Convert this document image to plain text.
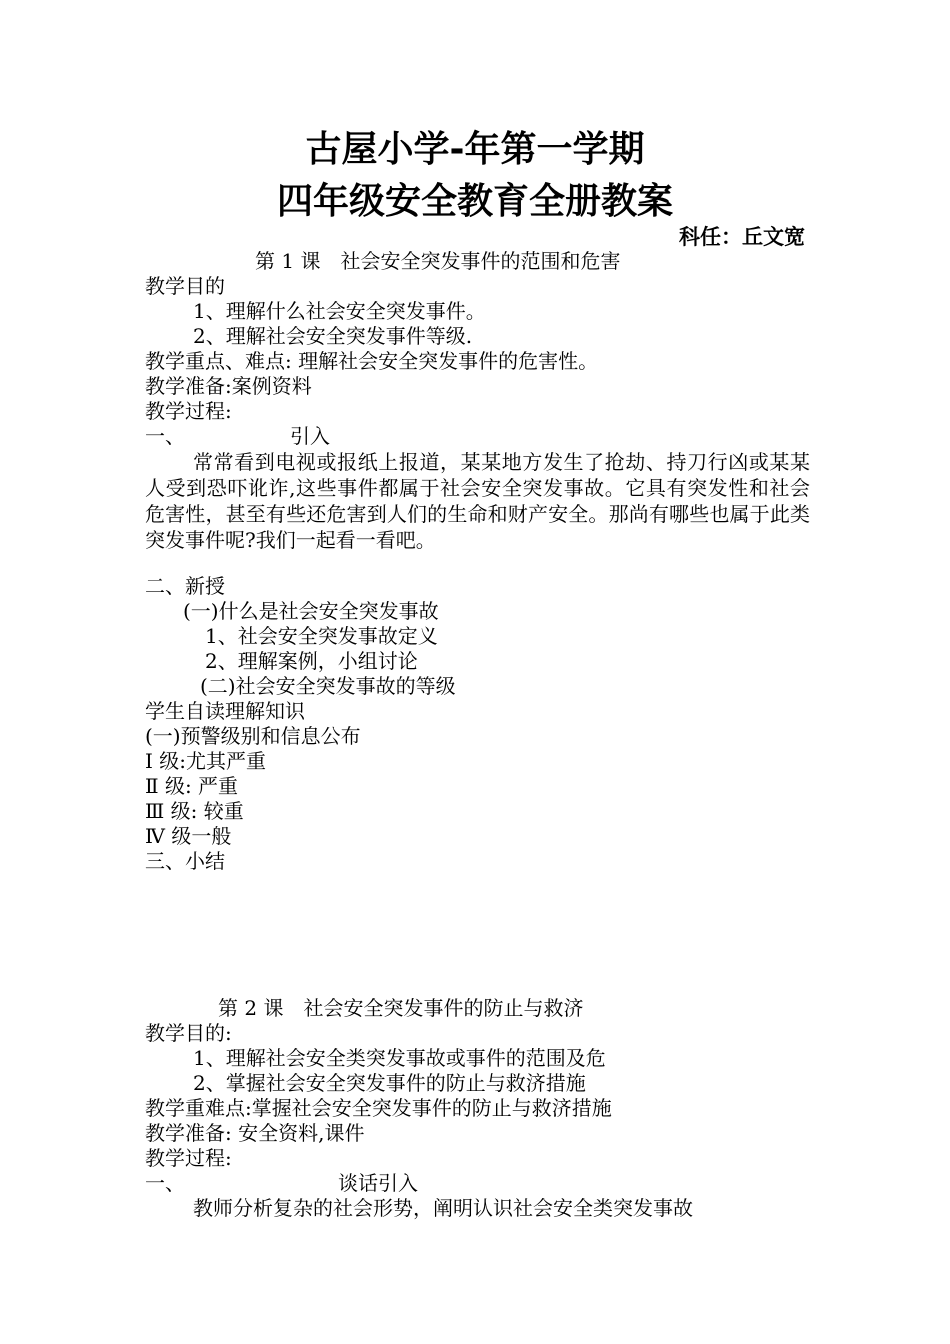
古屋小学-年第一学期
四年级安全教育全册教案
科任：丘文宽
第 1 课　社会安全突发事件的范围和危害
教学目的
1、理解什么社会安全突发事件。
2、理解社会安全突发事件等级.
教学重点、难点: 理解社会安全突发事件的危害性。
教学准备:案例资料
教学过程:
一、	引入
常常看到电视或报纸上报道，某某地方发生了抢劫、持刀行凶或某某人受到恐吓讹诈,这些事件都属于社会安全突发事故。它具有突发性和社会危害性，甚至有些还危害到人们的生命和财产安全。那尚有哪些也属于此类突发事件呢?我们一起看一看吧。
二、新授
(一)什么是社会安全突发事故
1、社会安全突发事故定义
2、理解案例，小组讨论
(二)社会安全突发事故的等级
学生自读理解知识
(一)预警级别和信息公布
Ⅰ 级:尤其严重
Ⅱ 级: 严重
Ⅲ 级: 较重
Ⅳ 级一般
三、小结
第 2 课　社会安全突发事件的防止与救济
教学目的:
1、理解社会安全类突发事故或事件的范围及危
2、掌握社会安全突发事件的防止与救济措施
教学重难点:掌握社会安全突发事件的防止与救济措施
教学准备: 安全资料,课件
教学过程:
一、	谈话引入
教师分析复杂的社会形势，阐明认识社会安全类突发事故
